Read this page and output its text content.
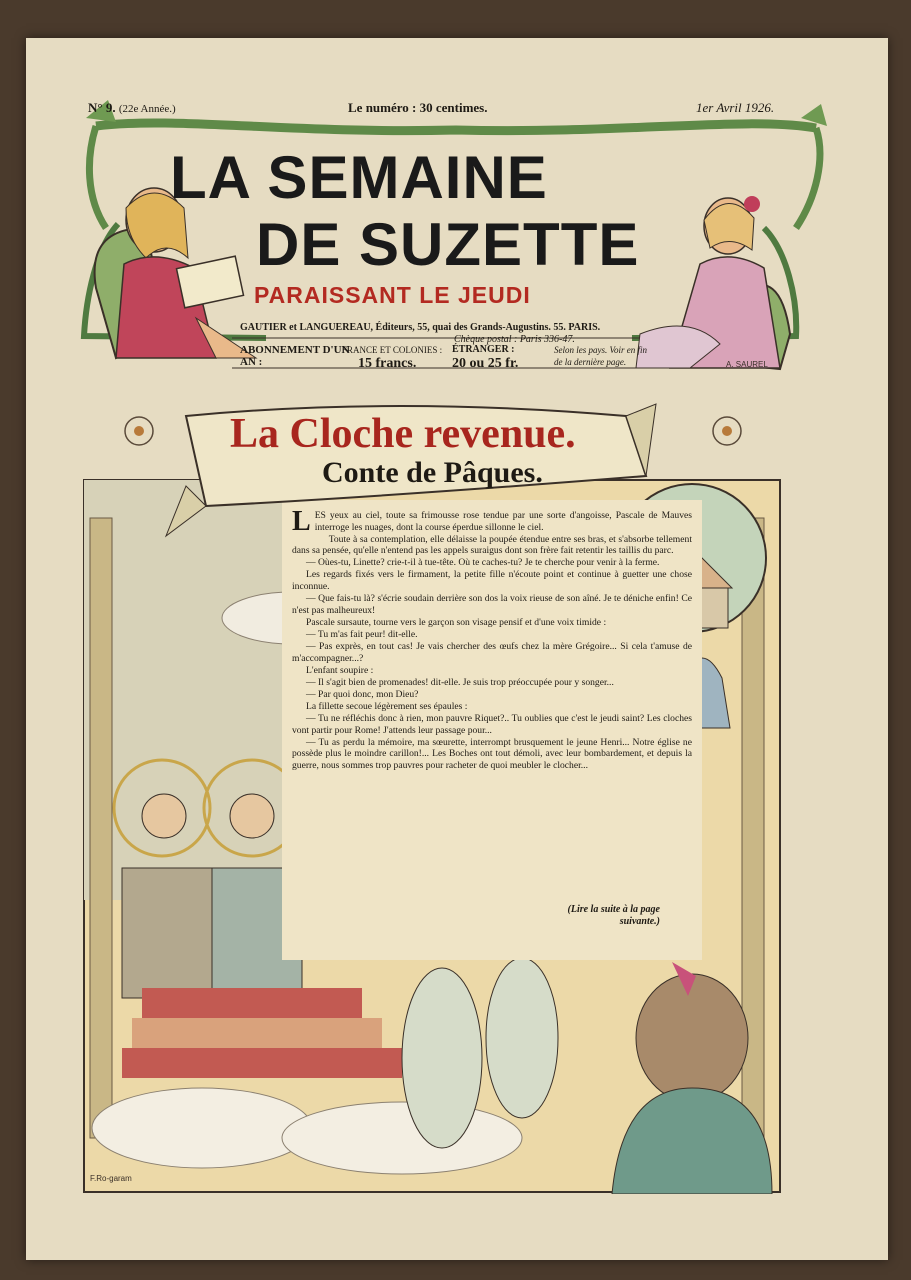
N° 9. (22e Année.)	Le numéro : 30 centimes.	1er Avril 1926.
LA SEMAINE
DE SUZETTE
PARAISSANT LE JEUDI
GAUTIER et LANGUEREAU, Éditeurs, 55, quai des Grands-Augustins. 55. PARIS.
Chèque postal : Paris 336-47.
ABONNEMENT D'UN AN :
FRANCE ET COLONIES :
15 francs.
ÉTRANGER :
20 ou 25 fr.
Selon les pays. Voir en fin de la dernière page.	A. SAUREL
La Cloche revenue.
Conte de Pâques.

LES yeux au ciel, toute sa frimousse rose tendue par une sorte d'angoisse, Pascale de Mauves interroge les nuages, dont la course éperdue sillonne le ciel.

Toute à sa contemplation, elle délaisse la poupée étendue entre ses bras, et s'absorbe tellement dans sa pensée, qu'elle n'entend pas les appels suraigus dont son frère fait retentir les taillis du parc.

— Oùes-tu, Linette? crie-t-il à tue-tête. Où te caches-tu? Je te cherche pour venir à la ferme.

Les regards fixés vers le firmament, la petite fille n'écoute point et continue à guetter une chose inconnue.

— Que fais-tu là? s'écrie soudain derrière son dos la voix rieuse de son aîné. Je te déniche enfin! Ce n'est pas malheureux!

Pascale sursaute, tourne vers le garçon son visage pensif et d'une voix timide :

— Tu m'as fait peur! dit-elle.

— Pas exprès, en tout cas! Je vais chercher des œufs chez la mère Grégoire... Si cela t'amuse de m'accompagner...?

L'enfant soupire :

— Il s'agit bien de promenades! dit-elle. Je suis trop préoccupée pour y songer...

— Par quoi donc, mon Dieu?

La fillette secoue légèrement ses épaules :

— Tu ne réfléchis donc à rien, mon pauvre Riquet?.. Tu oublies que c'est le jeudi saint? Les cloches vont partir pour Rome! J'attends leur passage pour...

— Tu as perdu la mémoire, ma sœurette, interrompt brusquement le jeune Henri... Notre église ne possède plus le moindre carillon!... Les Boches ont tout démoli, avec leur bombardement, et depuis la guerre, nous sommes trop pauvres pour racheter de quoi meubler le clocher...

(Lire la suite à la page suivante.)
F.Ro-garam
